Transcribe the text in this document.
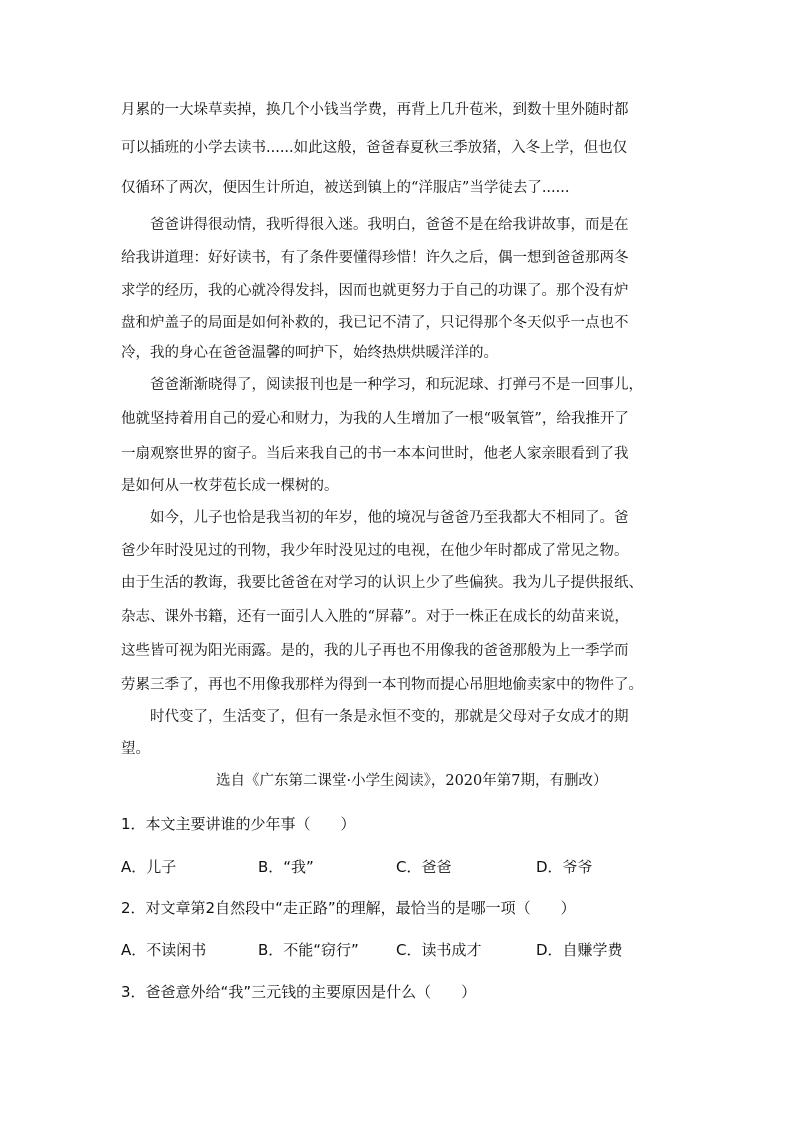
月累的一大垛草卖掉，换几个小钱当学费，再背上几升苞米，到数十里外随时都
可以插班的小学去读书......如此这般，爸爸春夏秋三季放猪，入冬上学，但也仅
仅循环了两次，便因生计所迫，被送到镇上的“洋服店”当学徒去了......
爸爸讲得很动情，我听得很入迷。我明白，爸爸不是在给我讲故事，而是在
给我讲道理：好好读书，有了条件要懂得珍惜！许久之后，偶一想到爸爸那两冬
求学的经历，我的心就冷得发抖，因而也就更努力于自己的功课了。那个没有炉
盘和炉盖子的局面是如何补救的，我已记不清了，只记得那个冬天似乎一点也不
冷，我的身心在爸爸温馨的呵护下，始终热烘烘暖洋洋的。
爸爸渐渐晓得了，阅读报刊也是一种学习，和玩泥球、打弹弓不是一回事儿，
他就坚持着用自己的爱心和财力，为我的人生增加了一根“吸氧管”，给我推开了
一扇观察世界的窗子。当后来我自己的书一本本问世时，他老人家亲眼看到了我
是如何从一枚芽苞长成一棵树的。
如今，儿子也恰是我当初的年岁，他的境况与爸爸乃至我都大不相同了。爸
爸少年时没见过的刊物，我少年时没见过的电视，在他少年时都成了常见之物。
由于生活的教诲，我要比爸爸在对学习的认识上少了些偏狭。我为儿子提供报纸、
杂志、课外书籍，还有一面引人入胜的“屏幕”。对于一株正在成长的幼苗来说，
这些皆可视为阳光雨露。是的，我的儿子再也不用像我的爸爸那般为上一季学而
劳累三季了，再也不用像我那样为得到一本刊物而提心吊胆地偷卖家中的物件了。
时代变了，生活变了，但有一条是永恒不变的，那就是父母对子女成才的期
望。
选自《广东第二课堂·小学生阅读》，2020年第7期，有删改）
1．本文主要讲谁的少年事（　　）
A．儿子	B．“我”	C．爸爸	D．爷爷
2．对文章第2自然段中“走正路”的理解，最恰当的是哪一项（　　）
A．不读闲书	B．不能“窃行” C．读书成才	D．自赚学费
3．爸爸意外给“我”三元钱的主要原因是什么（　　）
